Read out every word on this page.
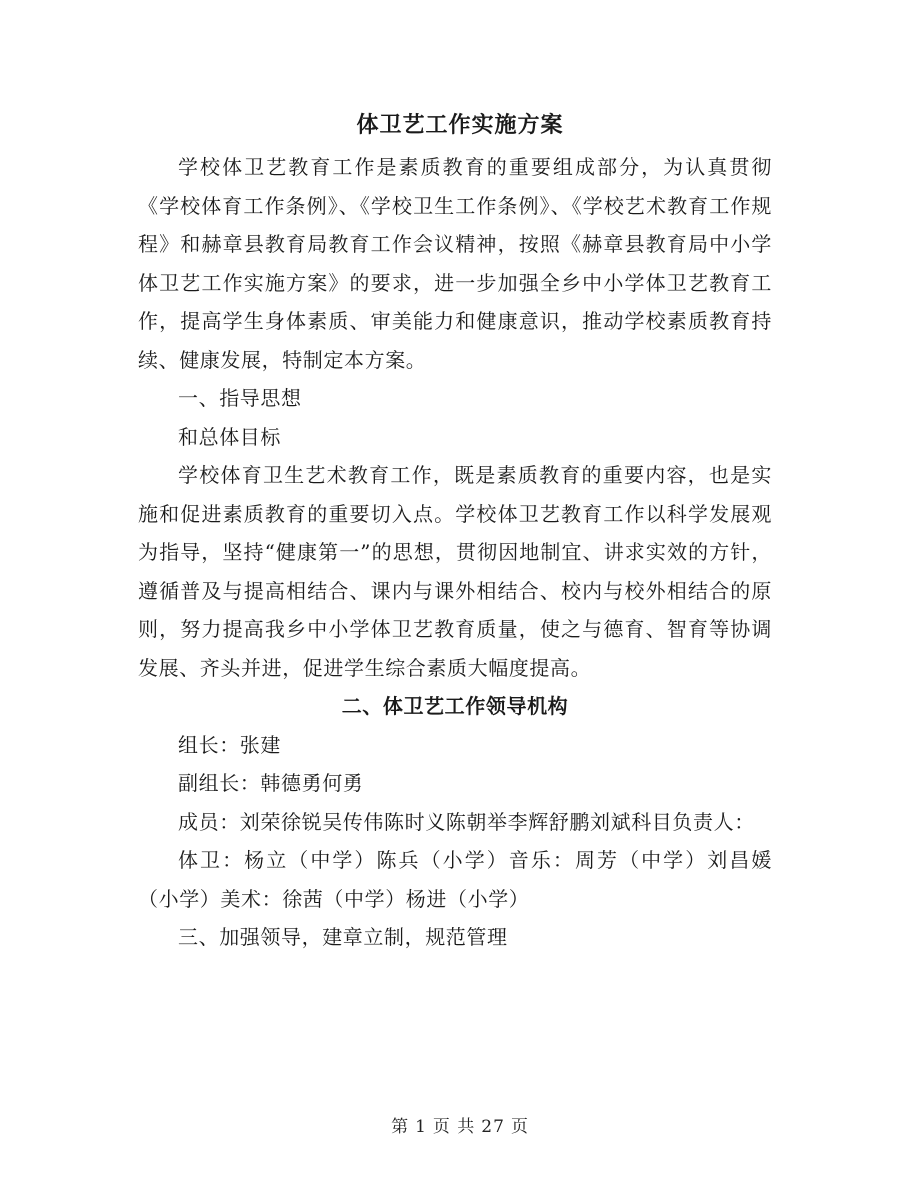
体卫艺工作实施方案

学校体卫艺教育工作是素质教育的重要组成部分，为认真贯彻《学校体育工作条例》、《学校卫生工作条例》、《学校艺术教育工作规程》和赫章县教育局教育工作会议精神，按照《赫章县教育局中小学体卫艺工作实施方案》的要求，进一步加强全乡中小学体卫艺教育工作，提高学生身体素质、审美能力和健康意识，推动学校素质教育持续、健康发展，特制定本方案。

一、指导思想

和总体目标

学校体育卫生艺术教育工作，既是素质教育的重要内容，也是实施和促进素质教育的重要切入点。学校体卫艺教育工作以科学发展观为指导，坚持“健康第一”的思想，贯彻因地制宜、讲求实效的方针，遵循普及与提高相结合、课内与课外相结合、校内与校外相结合的原则，努力提高我乡中小学体卫艺教育质量，使之与德育、智育等协调发展、齐头并进，促进学生综合素质大幅度提高。

二、体卫艺工作领导机构

组长：张建

副组长：韩德勇何勇

成员：刘荣徐锐吴传伟陈时义陈朝举李辉舒鹏刘斌科目负责人：

体卫：杨立（中学）陈兵（小学）音乐：周芳（中学）刘昌媛（小学）美术：徐茜（中学）杨进（小学）

三、加强领导，建章立制，规范管理

第 1 页 共 27 页
